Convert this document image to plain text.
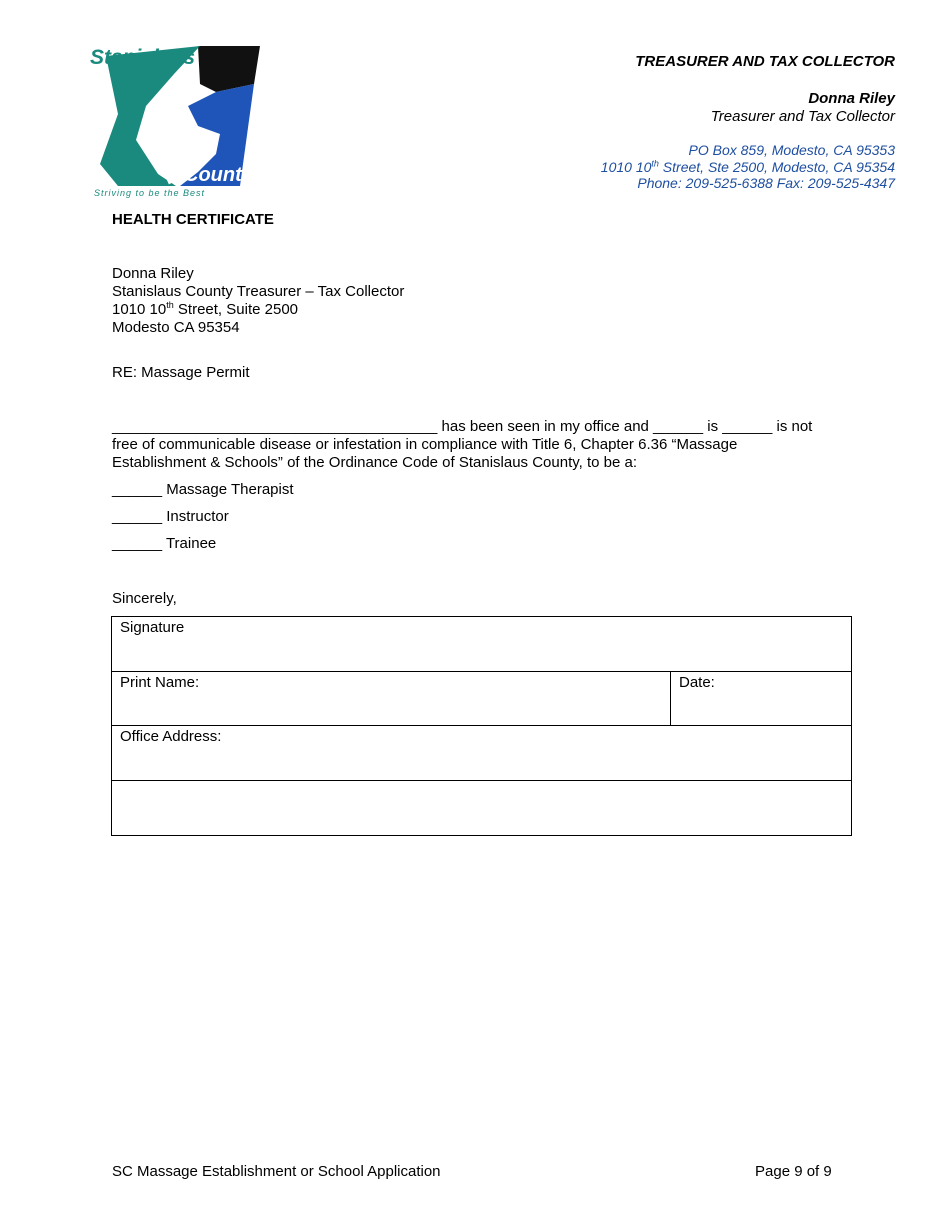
Stanislaus
County
Striving to be the Best
TREASURER AND TAX COLLECTOR
Donna Riley
Treasurer and Tax Collector
PO Box 859, Modesto, CA 95353
1010 10th Street, Ste 2500, Modesto, CA 95354
Phone: 209-525-6388 Fax: 209-525-4347
HEALTH CERTIFICATE
Donna Riley
Stanislaus County Treasurer – Tax Collector
1010 10th Street, Suite 2500
Modesto CA 95354
RE: Massage Permit
_______________________________________ has been seen in my office and ______ is ______ is not
free of communicable disease or infestation in compliance with Title 6, Chapter 6.36 “Massage
Establishment & Schools” of the Ordinance Code of Stanislaus County, to be a:
______ Massage Therapist
______ Instructor
______ Trainee
Sincerely,
Signature
Print Name:	Date:
Office Address:
SC Massage Establishment or School Application	Page 9 of 9
